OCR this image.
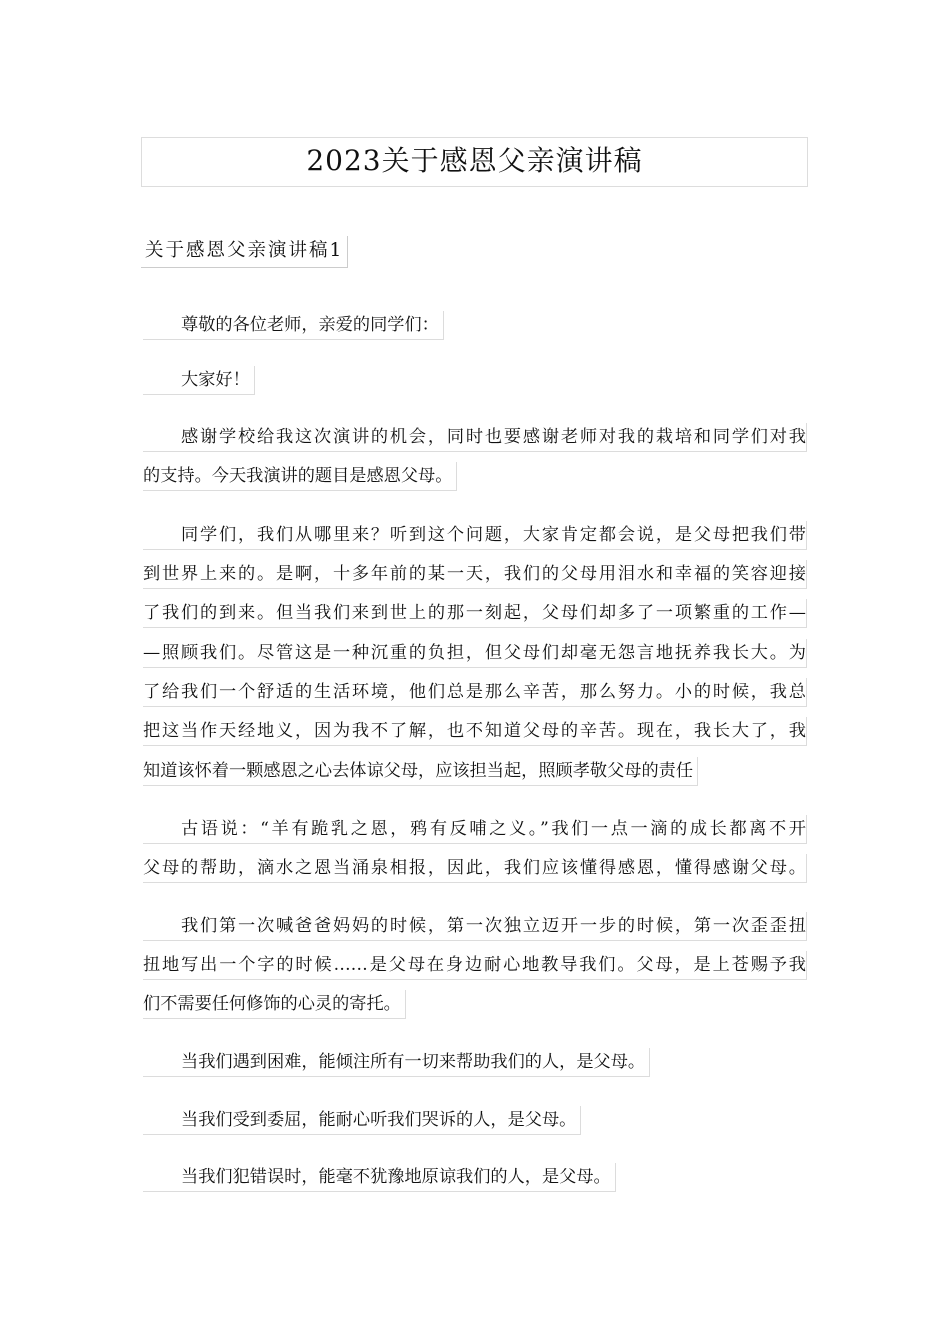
2023关于感恩父亲演讲稿
关于感恩父亲演讲稿1
尊敬的各位老师，亲爱的同学们：
大家好！
感谢学校给我这次演讲的机会，同时也要感谢老师对我的栽培和同学们对我
的支持。今天我演讲的题目是感恩父母。
同学们，我们从哪里来？听到这个问题，大家肯定都会说，是父母把我们带
到世界上来的。是啊，十多年前的某一天，我们的父母用泪水和幸福的笑容迎接
了我们的到来。但当我们来到世上的那一刻起，父母们却多了一项繁重的工作—
—照顾我们。尽管这是一种沉重的负担，但父母们却毫无怨言地抚养我长大。为
了给我们一个舒适的生活环境，他们总是那么辛苦，那么努力。小的时候，我总
把这当作天经地义，因为我不了解，也不知道父母的辛苦。现在，我长大了，我
知道该怀着一颗感恩之心去体谅父母，应该担当起，照顾孝敬父母的责任
古语说：“羊有跪乳之恩，鸦有反哺之义。”我们一点一滴的成长都离不开
父母的帮助，滴水之恩当涌泉相报，因此，我们应该懂得感恩，懂得感谢父母。
我们第一次喊爸爸妈妈的时候，第一次独立迈开一步的时候，第一次歪歪扭
扭地写出一个字的时候……是父母在身边耐心地教导我们。父母，是上苍赐予我
们不需要任何修饰的心灵的寄托。
当我们遇到困难，能倾注所有一切来帮助我们的人，是父母。
当我们受到委屈，能耐心听我们哭诉的人，是父母。
当我们犯错误时，能毫不犹豫地原谅我们的人，是父母。
